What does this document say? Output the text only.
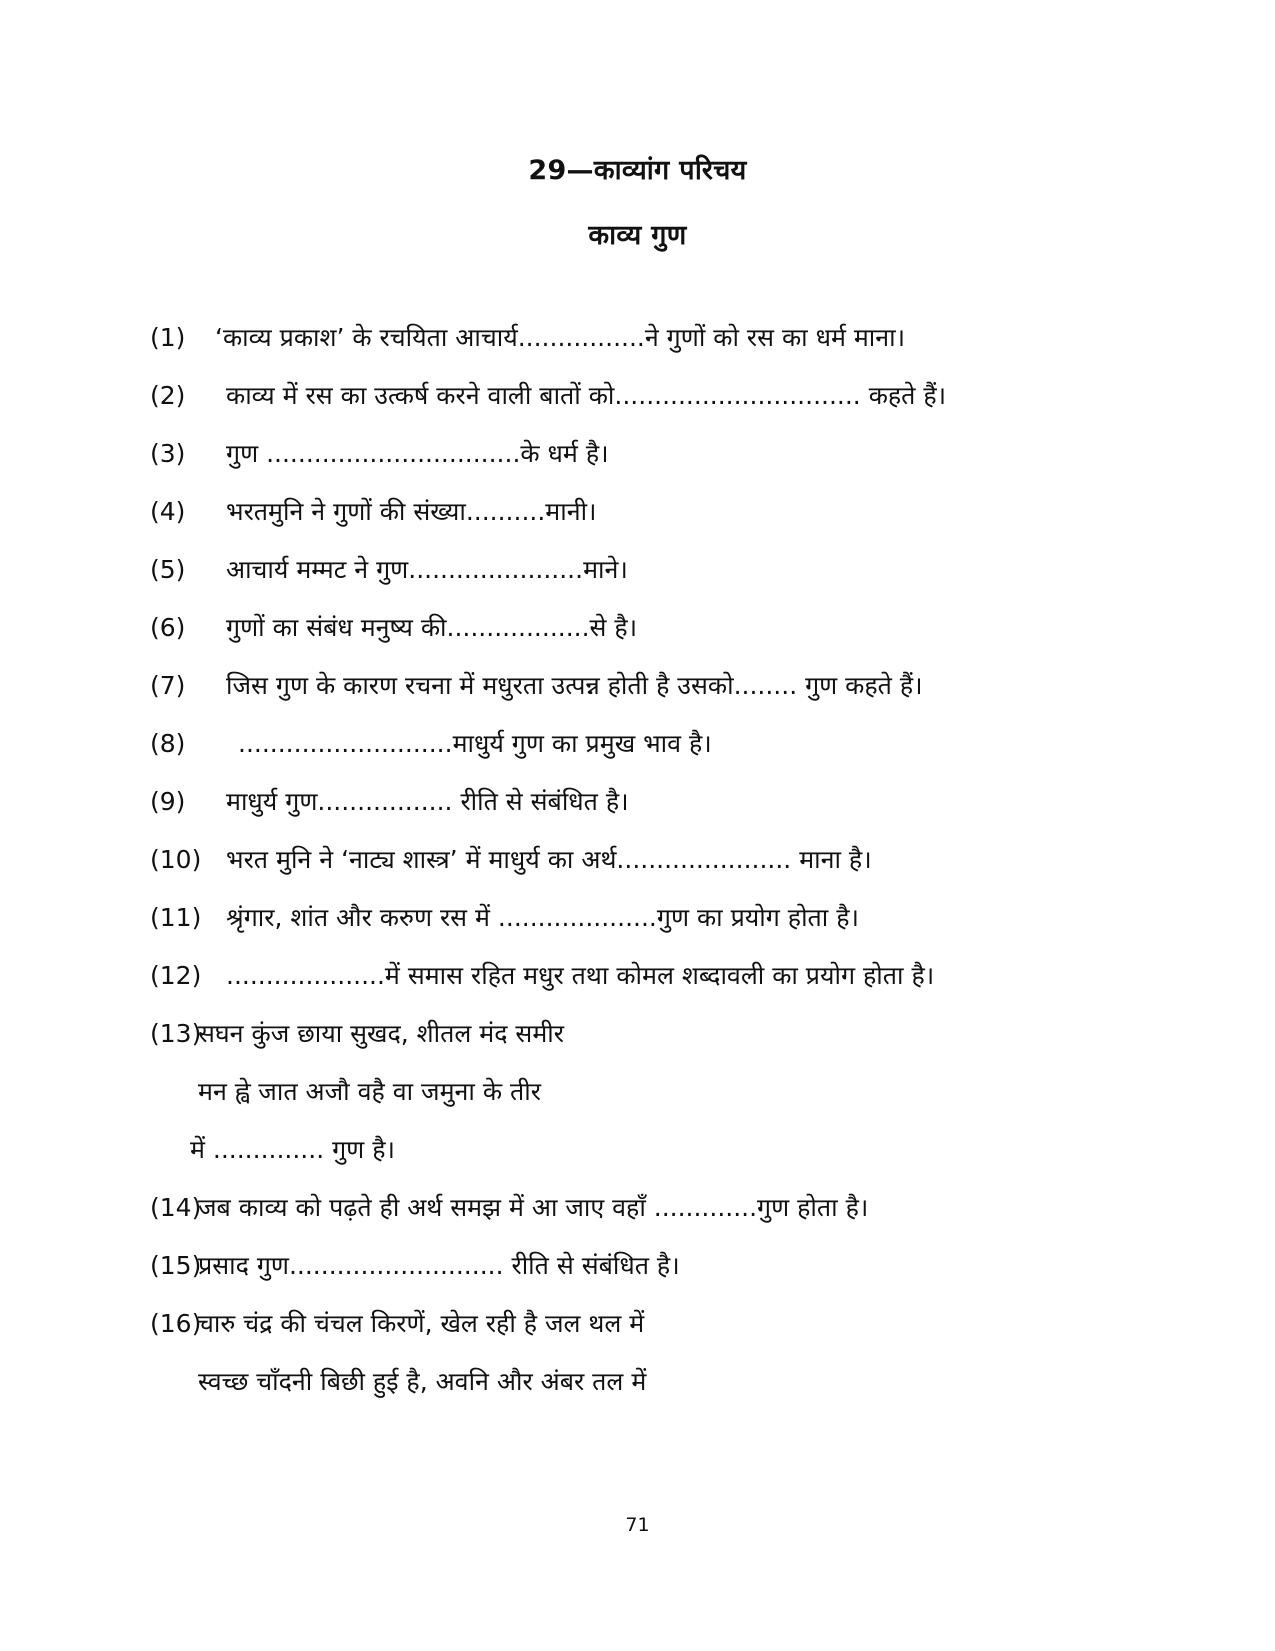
29—काव्यांग परिचय
काव्य गुण
(1) ‘काव्य प्रकाश’ के रचयिता आचार्य................ने गुणों को रस का धर्म माना।
(2) काव्य में रस का उत्कर्ष करने वाली बातों को............................... कहते हैं।
(3) गुण ................................के धर्म है।
(4) भरतमुनि ने गुणों की संख्या..........मानी।
(5) आचार्य मम्मट ने गुण......................माने।
(6) गुणों का संबंध मनुष्य की..................से है।
(7) जिस गुण के कारण रचना में मधुरता उत्पन्न होती है उसको........ गुण कहते हैं।
(8) ...........................माधुर्य गुण का प्रमुख भाव है।
(9) माधुर्य गुण................. रीति से संबंधित है।
(10) भरत मुनि ने ‘नाट्य शास्त्र’ में माधुर्य का अर्थ...................... माना है।
(11) श्रृंगार, शांत और करुण रस में ....................गुण का प्रयोग होता है।
(12) ....................में समास रहित मधुर तथा कोमल शब्दावली का प्रयोग होता है।
(13)
सघन कुंज छाया सुखद, शीतल मंद समीर
मन ह्वे जात अजौ वहै वा जमुना के तीर
में .............. गुण है।
(14)
जब काव्य को पढ़ते ही अर्थ समझ में आ जाए वहाँ .............गुण होता है।
(15)
प्रसाद गुण........................... रीति से संबंधित है।
(16)
चारु चंद्र की चंचल किरणें, खेल रही है जल थल में
स्वच्छ चाँदनी बिछी हुई है, अवनि और अंबर तल में
71
